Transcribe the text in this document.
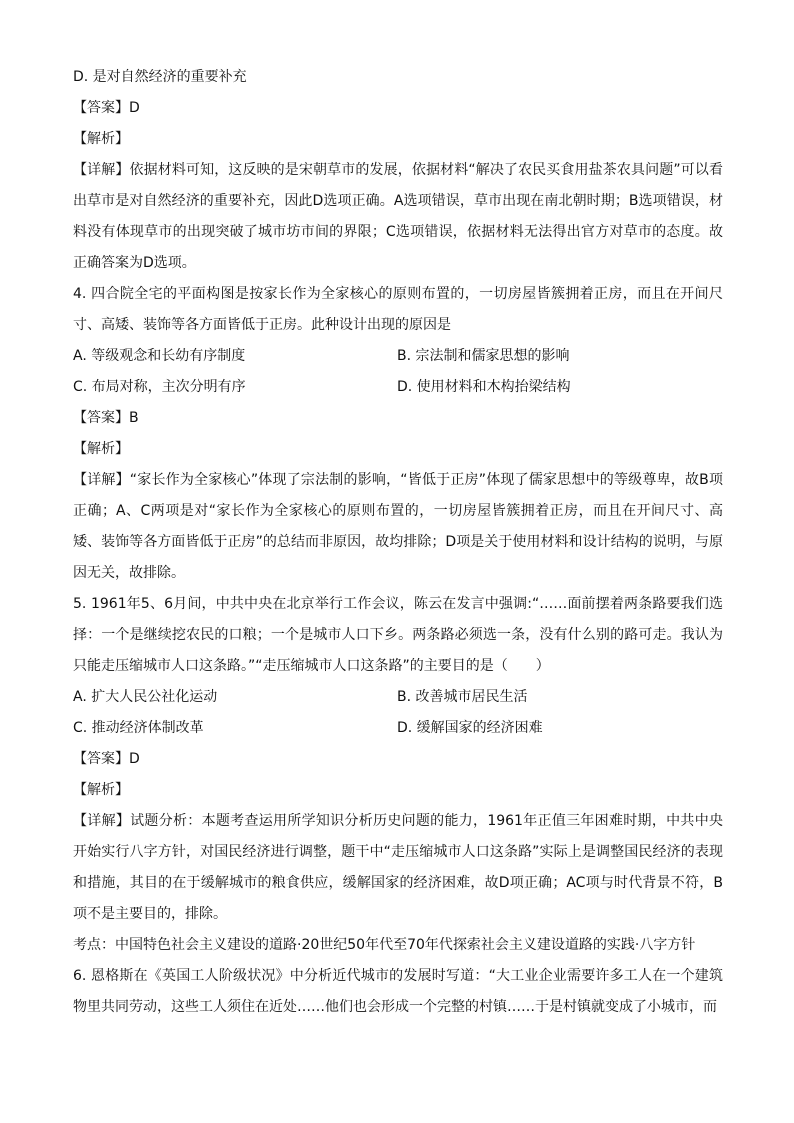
D. 是对自然经济的重要补充
【答案】D
【解析】
【详解】依据材料可知，这反映的是宋朝草市的发展，依据材料“解决了农民买食用盐茶农具问题”可以看出草市是对自然经济的重要补充，因此D选项正确。A选项错误，草市出现在南北朝时期；B选项错误，材料没有体现草市的出现突破了城市坊市间的界限；C选项错误，依据材料无法得出官方对草市的态度。故正确答案为D选项。
4. 四合院全宅的平面构图是按家长作为全家核心的原则布置的，一切房屋皆簇拥着正房，而且在开间尺寸、高矮、装饰等各方面皆低于正房。此种设计出现的原因是
A. 等级观念和长幼有序制度	B. 宗法制和儒家思想的影响
C. 布局对称，主次分明有序	D. 使用材料和木构抬梁结构
【答案】B
【解析】
【详解】“家长作为全家核心”体现了宗法制的影响，“皆低于正房”体现了儒家思想中的等级尊卑，故B项正确；A、C两项是对“家长作为全家核心的原则布置的，一切房屋皆簇拥着正房，而且在开间尺寸、高矮、装饰等各方面皆低于正房”的总结而非原因，故均排除；D项是关于使用材料和设计结构的说明，与原因无关，故排除。
5. 1961年5、6月间，中共中央在北京举行工作会议，陈云在发言中强调:“……面前摆着两条路要我们选择：一个是继续挖农民的口粮；一个是城市人口下乡。两条路必须选一条，没有什么别的路可走。我认为只能走压缩城市人口这条路。”“走压缩城市人口这条路”的主要目的是（　　）
A. 扩大人民公社化运动	B. 改善城市居民生活
C. 推动经济体制改革	D. 缓解国家的经济困难
【答案】D
【解析】
【详解】试题分析：本题考查运用所学知识分析历史问题的能力，1961年正值三年困难时期，中共中央开始实行八字方针，对国民经济进行调整，题干中“走压缩城市人口这条路”实际上是调整国民经济的表现和措施，其目的在于缓解城市的粮食供应，缓解国家的经济困难，故D项正确；AC项与时代背景不符，B项不是主要目的，排除。
考点：中国特色社会主义建设的道路·20世纪50年代至70年代探索社会主义建设道路的实践·八字方针
6. 恩格斯在《英国工人阶级状况》中分析近代城市的发展时写道：“大工业企业需要许多工人在一个建筑物里共同劳动，这些工人须住在近处……他们也会形成一个完整的村镇……于是村镇就变成了小城市，而
